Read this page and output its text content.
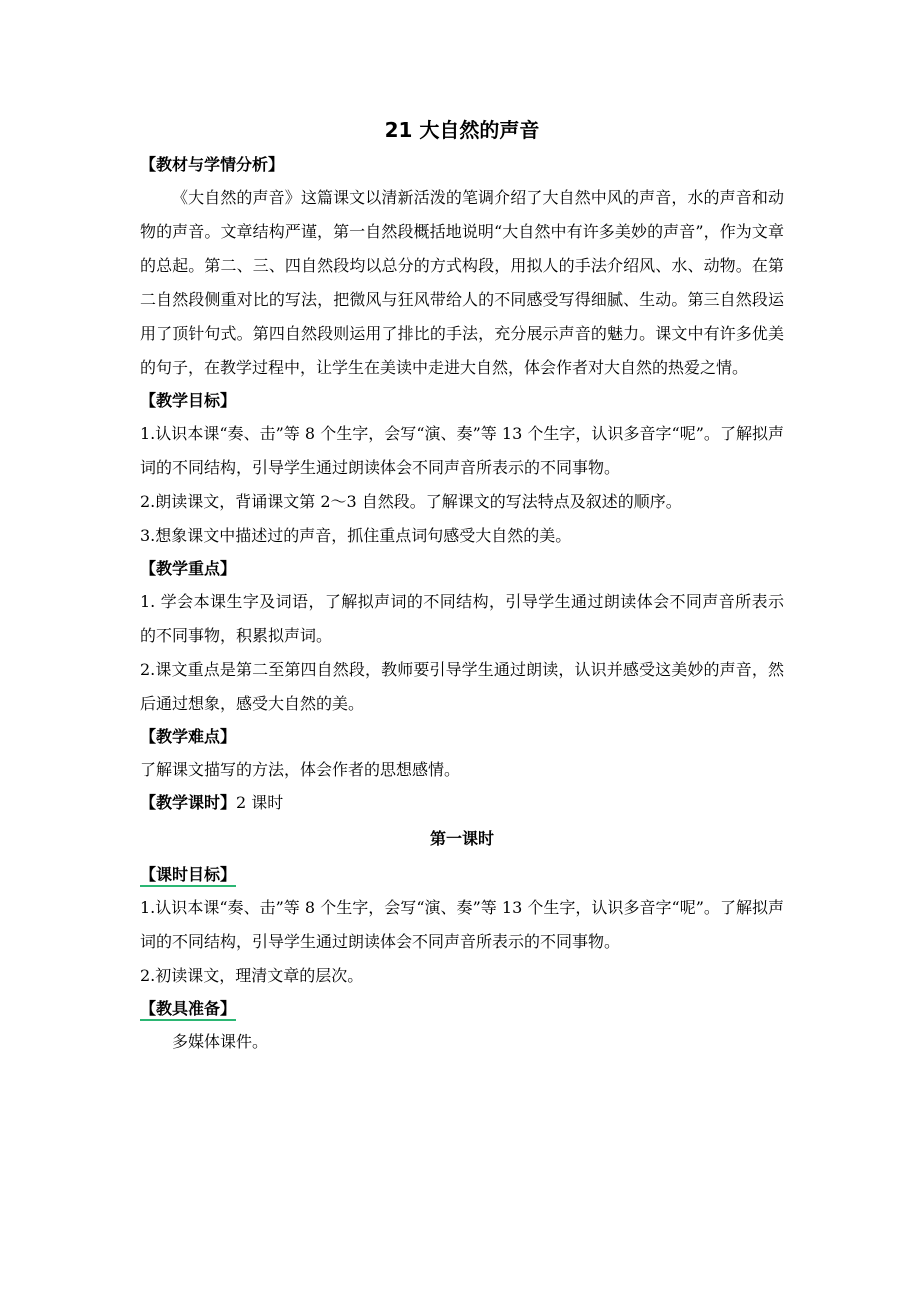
21 大自然的声音
【教材与学情分析】

《大自然的声音》这篇课文以清新活泼的笔调介绍了大自然中风的声音，水的声音和动物的声音。文章结构严谨，第一自然段概括地说明“大自然中有许多美妙的声音”，作为文章的总起。第二、三、四自然段均以总分的方式构段，用拟人的手法介绍风、水、动物。在第二自然段侧重对比的写法，把微风与狂风带给人的不同感受写得细腻、生动。第三自然段运用了顶针句式。第四自然段则运用了排比的手法，充分展示声音的魅力。课文中有许多优美的句子，在教学过程中，让学生在美读中走进大自然，体会作者对大自然的热爱之情。

【教学目标】

1.认识本课“奏、击”等 8 个生字，会写“演、奏”等 13 个生字，认识多音字“呢”。了解拟声词的不同结构，引导学生通过朗读体会不同声音所表示的不同事物。

2.朗读课文，背诵课文第 2～3 自然段。了解课文的写法特点及叙述的顺序。

3.想象课文中描述过的声音，抓住重点词句感受大自然的美。

【教学重点】

1. 学会本课生字及词语，了解拟声词的不同结构，引导学生通过朗读体会不同声音所表示的不同事物，积累拟声词。

2.课文重点是第二至第四自然段，教师要引导学生通过朗读，认识并感受这美妙的声音，然后通过想象，感受大自然的美。

【教学难点】

了解课文描写的方法，体会作者的思想感情。

【教学课时】2 课时
第一课时
【课时目标】

1.认识本课“奏、击”等 8 个生字，会写“演、奏”等 13 个生字，认识多音字“呢”。了解拟声词的不同结构，引导学生通过朗读体会不同声音所表示的不同事物。

2.初读课文，理清文章的层次。

【教具准备】

多媒体课件。
